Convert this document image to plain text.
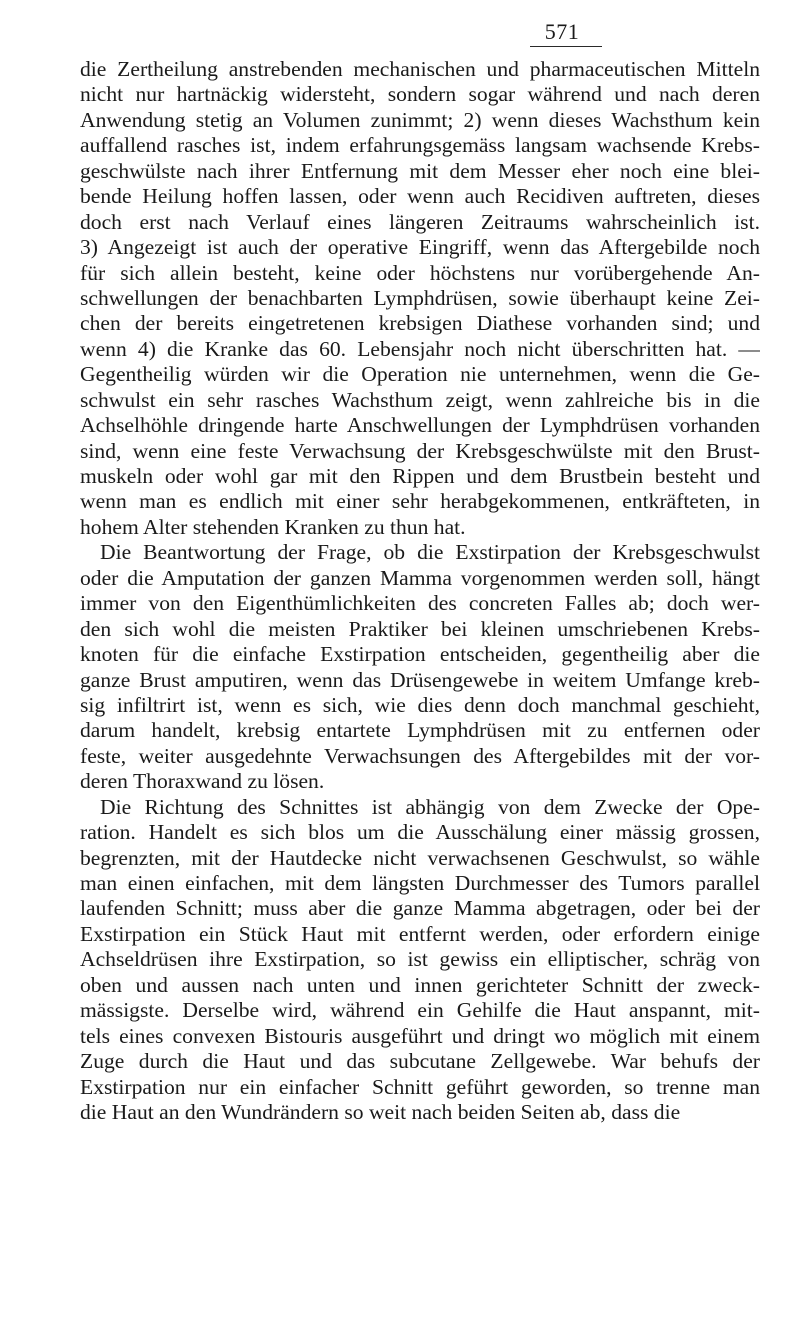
571
die Zertheilung anstrebenden mechanischen und pharmaceutischen Mitteln
nicht nur hartnäckig widersteht, sondern sogar während und nach deren
Anwendung stetig an Volumen zunimmt; 2) wenn dieses Wachsthum kein
auffallend rasches ist, indem erfahrungsgemäss langsam wachsende Krebs-
geschwülste nach ihrer Entfernung mit dem Messer eher noch eine blei-
bende Heilung hoffen lassen, oder wenn auch Recidiven auftreten, dieses
doch erst nach Verlauf eines längeren Zeitraums wahrscheinlich ist.
3) Angezeigt ist auch der operative Eingriff, wenn das Aftergebilde noch
für sich allein besteht, keine oder höchstens nur vorübergehende An-
schwellungen der benachbarten Lymphdrüsen, sowie überhaupt keine Zei-
chen der bereits eingetretenen krebsigen Diathese vorhanden sind; und
wenn 4) die Kranke das 60. Lebensjahr noch nicht überschritten hat. —
Gegentheilig würden wir die Operation nie unternehmen, wenn die Ge-
schwulst ein sehr rasches Wachsthum zeigt, wenn zahlreiche bis in die
Achselhöhle dringende harte Anschwellungen der Lymphdrüsen vorhanden
sind, wenn eine feste Verwachsung der Krebsgeschwülste mit den Brust-
muskeln oder wohl gar mit den Rippen und dem Brustbein besteht und
wenn man es endlich mit einer sehr herabgekommenen, entkräfteten, in
hohem Alter stehenden Kranken zu thun hat.
Die Beantwortung der Frage, ob die Exstirpation der Krebsgeschwulst
oder die Amputation der ganzen Mamma vorgenommen werden soll, hängt
immer von den Eigenthümlichkeiten des concreten Falles ab; doch wer-
den sich wohl die meisten Praktiker bei kleinen umschriebenen Krebs-
knoten für die einfache Exstirpation entscheiden, gegentheilig aber die
ganze Brust amputiren, wenn das Drüsengewebe in weitem Umfange kreb-
sig infiltrirt ist, wenn es sich, wie dies denn doch manchmal geschieht,
darum handelt, krebsig entartete Lymphdrüsen mit zu entfernen oder
feste, weiter ausgedehnte Verwachsungen des Aftergebildes mit der vor-
deren Thoraxwand zu lösen.
Die Richtung des Schnittes ist abhängig von dem Zwecke der Ope-
ration. Handelt es sich blos um die Ausschälung einer mässig grossen,
begrenzten, mit der Hautdecke nicht verwachsenen Geschwulst, so wähle
man einen einfachen, mit dem längsten Durchmesser des Tumors parallel
laufenden Schnitt; muss aber die ganze Mamma abgetragen, oder bei der
Exstirpation ein Stück Haut mit entfernt werden, oder erfordern einige
Achseldrüsen ihre Exstirpation, so ist gewiss ein elliptischer, schräg von
oben und aussen nach unten und innen gerichteter Schnitt der zweck-
mässigste. Derselbe wird, während ein Gehilfe die Haut anspannt, mit-
tels eines convexen Bistouris ausgeführt und dringt wo möglich mit einem
Zuge durch die Haut und das subcutane Zellgewebe. War behufs der
Exstirpation nur ein einfacher Schnitt geführt geworden, so trenne man
die Haut an den Wundrändern so weit nach beiden Seiten ab, dass die
